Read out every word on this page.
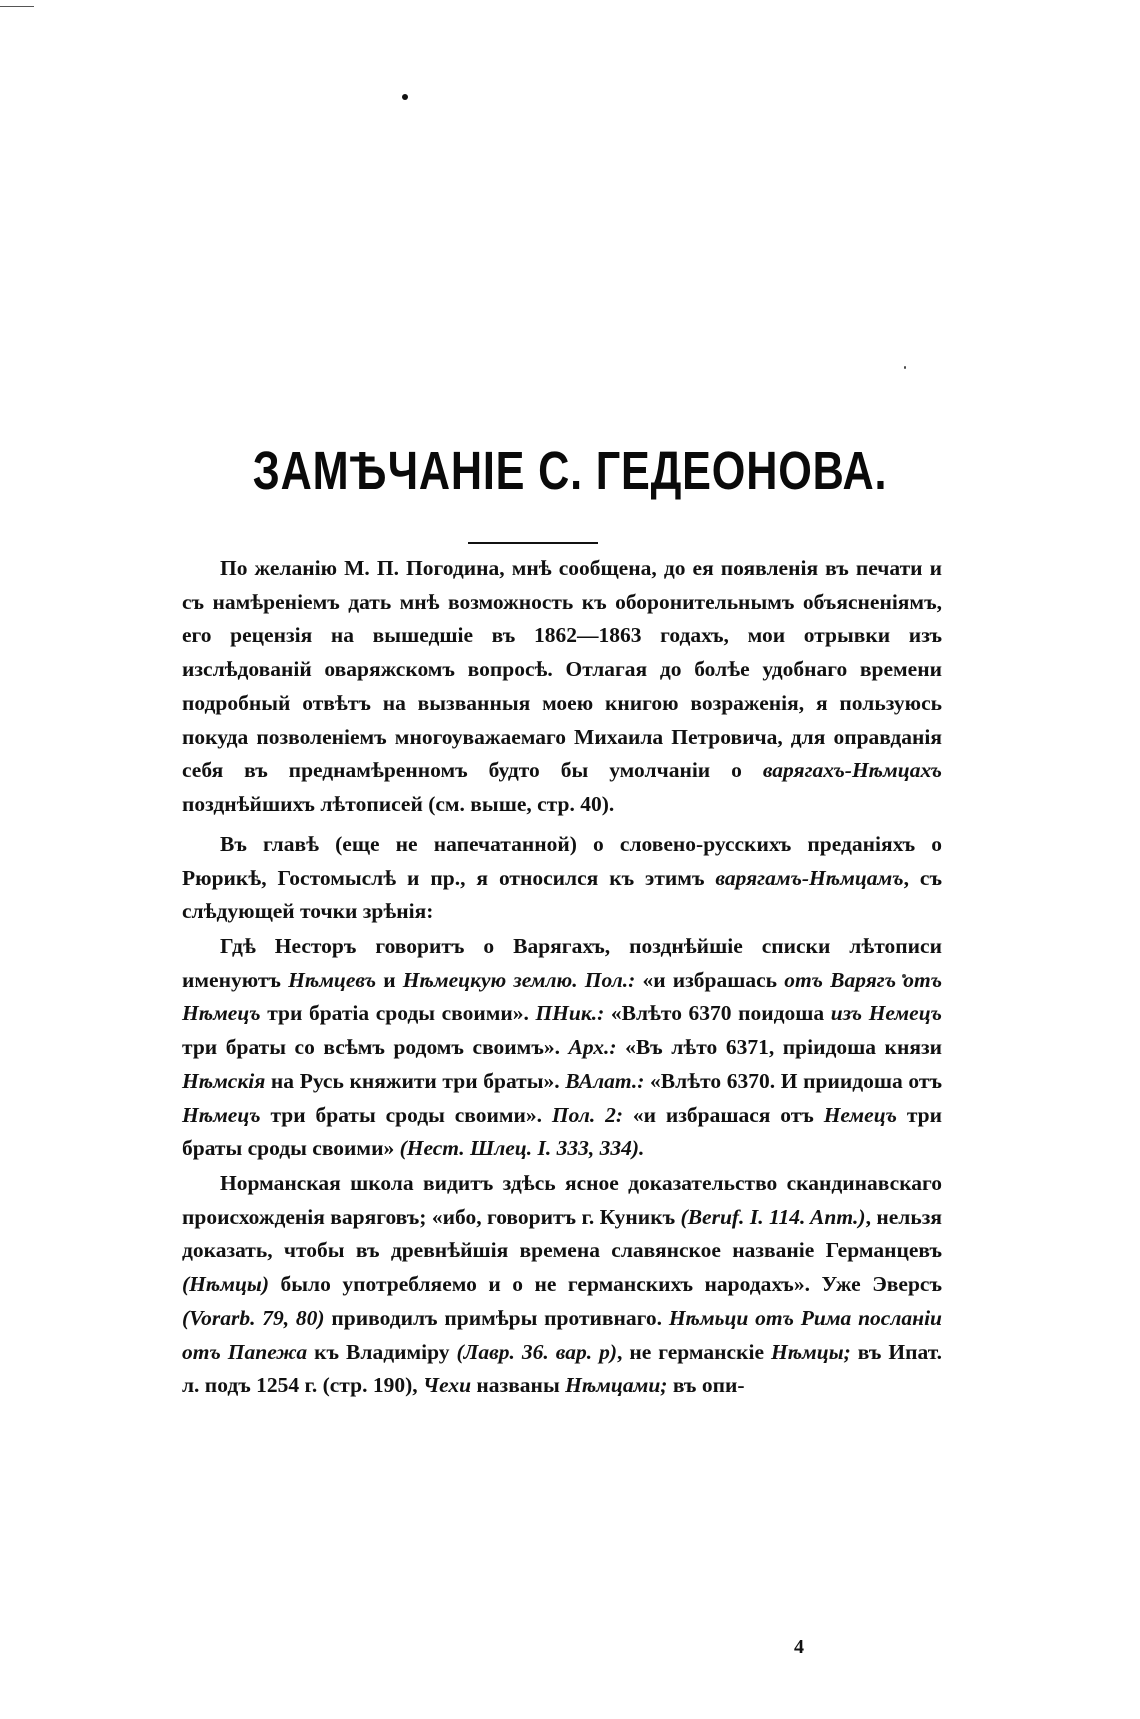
ЗАМѢЧАНІЕ С. ГЕДЕОНОВА.

По желанію М. П. Погодина, мнѣ сообщена, до ея появленія въ печати и съ намѣреніемъ дать мнѣ возможность къ оборонительнымъ объясненіямъ, его рецензія на вышедшіе въ 1862—1863 годахъ, мои отрывки изъ изслѣдованій оваряжскомъ вопросѣ. Отлагая до болѣе удобнаго времени подробный отвѣтъ на вызванныя моею книгою возраженія, я пользуюсь покуда позволеніемъ многоуважаемаго Михаила Петровича, для оправданія себя въ преднамѣренномъ будто бы умолчаніи о варягахъ-Нѣмцахъ позднѣйшихъ лѣтописей (см. выше, стр. 40).

Въ главѣ (еще не напечатанной) о словено-русскихъ преданіяхъ о Рюрикѣ, Гостомыслѣ и пр., я относился къ этимъ варягамъ-Нѣмцамъ, съ слѣдующей точки зрѣнія:

Гдѣ Несторъ говоритъ о Варягахъ, позднѣйшіе списки лѣтописи именуютъ Нѣмцевъ и Нѣмецкую землю. Пол.: «и избрашась отъ Варягъ отъ Нѣмецъ три братіа сроды своими». ПНик.: «Влѣто 6370 поидоша изъ Немецъ три браты со всѣмъ родомъ своимъ». Арх.: «Въ лѣто 6371, пріидоша князи Нѣмскія на Русь княжити три браты». ВАлат.: «Влѣто 6370. И приидоша отъ Нѣмецъ три браты сроды своими». Пол. 2: «и избрашася отъ Немецъ три браты сроды своими» (Нест. Шлец. I. 333, 334).

Норманская школа видитъ здѣсь ясное доказательство скандинавскаго происхожденія варяговъ; «ибо, говоритъ г. Куникъ (Beruf. I. 114. Anm.), нельзя доказать, чтобы въ древнѣйшія времена славянское названіе Германцевъ (Нѣмцы) было употребляемо и о не германскихъ народахъ». Уже Эверсъ (Vorarb. 79, 80) приводилъ примѣры противнаго. Нѣмьци отъ Рима посланіи отъ Папежа къ Владиміру (Лавр. 36. вар. р), не германскіе Нѣмцы; въ Ипат. л. подъ 1254 г. (стр. 190), Чехи названы Нѣмцами; въ опи-

4
